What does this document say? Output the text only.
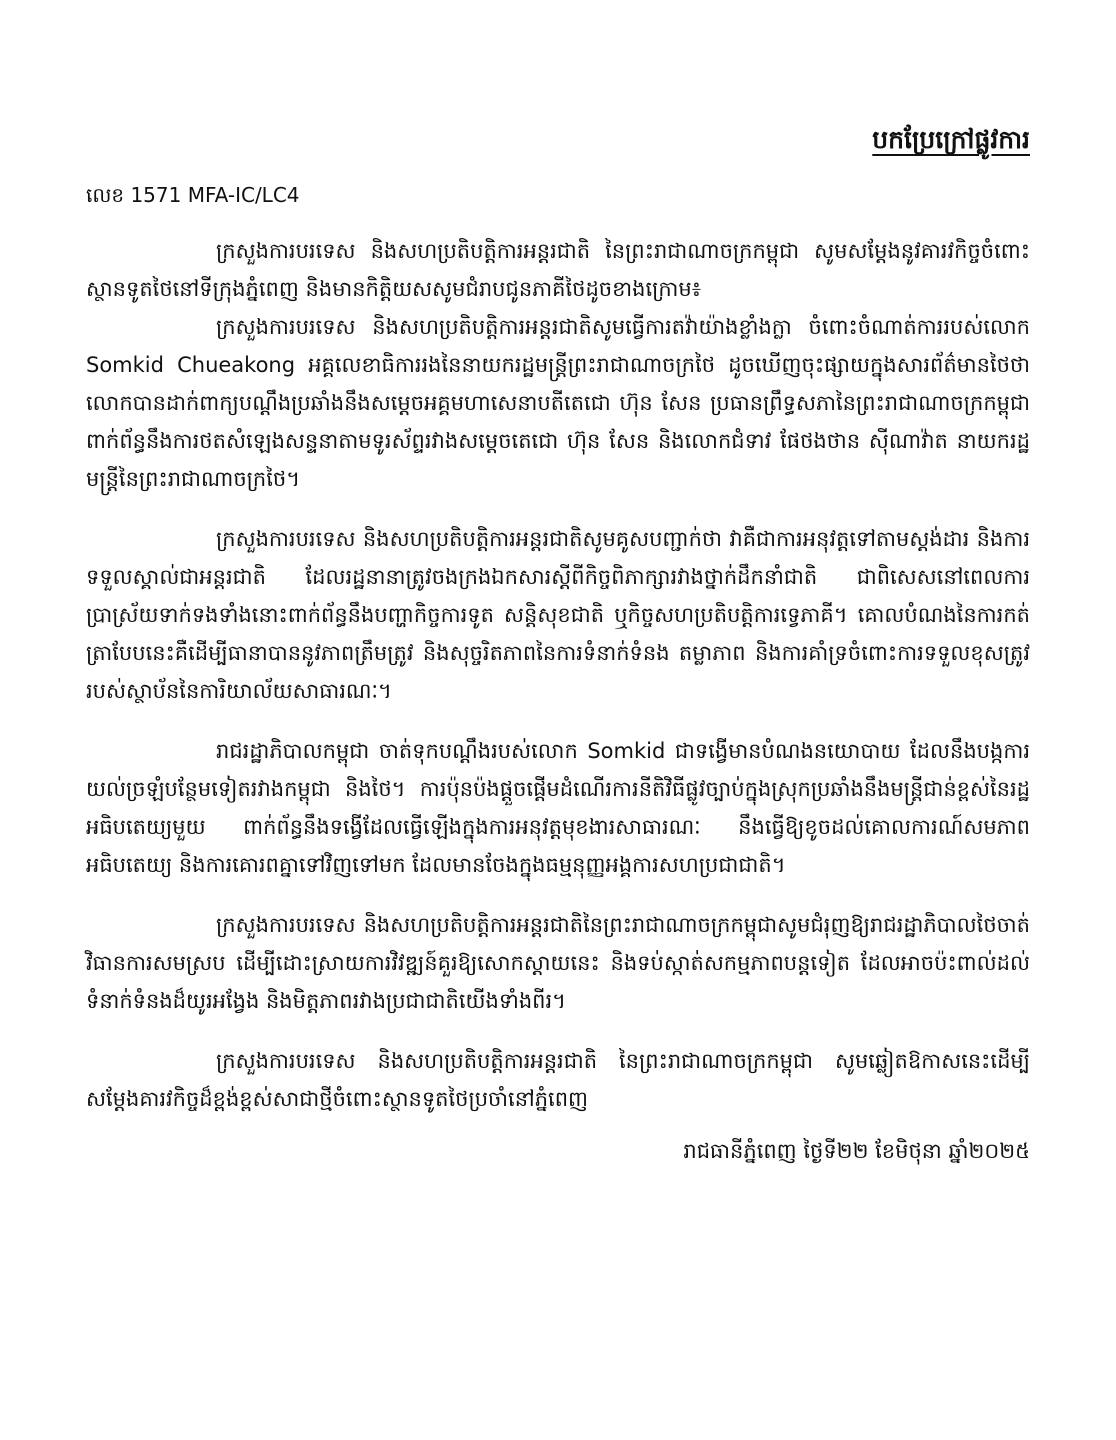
បកប្រែក្រៅផ្លូវការ
លេខ 1571 MFA-IC/LC4

ក្រសួងការបរទេស និងសហប្រតិបត្តិការអន្តរជាតិ នៃព្រះរាជាណាចក្រកម្ពុជា សូមសម្តែងនូវគារវកិច្ចចំពោះស្ថានទូតថៃនៅទីក្រុងភ្នំពេញ និងមានកិត្តិយសសូមជំរាបជូនភាគីថៃដូចខាងក្រោម៖

ក្រសួងការបរទេស និងសហប្រតិបត្តិការអន្តរជាតិសូមធ្វើការតវ៉ាយ៉ាងខ្លាំងក្លា ចំពោះចំណាត់ការរបស់លោក Somkid Chueakong អគ្គលេខាធិការរងនៃនាយករដ្ឋមន្ត្រីព្រះរាជាណាចក្រថៃ ដូចឃើញចុះផ្សាយក្នុងសារព័ត៌មានថៃថា លោកបានដាក់ពាក្យបណ្តឹងប្រឆាំងនឹងសម្តេចអគ្គមហាសេនាបតីតេជោ ហ៊ុន សែន ប្រធានព្រឹទ្ធសភានៃព្រះរាជាណាចក្រកម្ពុជា ពាក់ព័ន្ធនឹងការថតសំឡេងសន្ទនាតាមទូរស័ព្ទរវាងសម្តេចតេជោ ហ៊ុន សែន និងលោកជំទាវ ផែថងថាន ស៊ីណាវ៉ាត នាយករដ្ឋមន្ត្រីនៃព្រះរាជាណាចក្រថៃ។

ក្រសួងការបរទេស និងសហប្រតិបត្តិការអន្តរជាតិសូមគូសបញ្ជាក់ថា វាគឺជាការអនុវត្តទៅតាមស្តង់ដារ និងការទទួលស្គាល់ជាអន្តរជាតិ ដែលរដ្ឋនានាត្រូវចងក្រងឯកសារស្តីពីកិច្ចពិភាក្សារវាងថ្នាក់ដឹកនាំជាតិ ជាពិសេសនៅពេលការប្រាស្រ័យទាក់ទងទាំងនោះពាក់ព័ន្ធនឹងបញ្ហាកិច្ចការទូត សន្តិសុខជាតិ ឬកិច្ចសហប្រតិបត្តិការទ្វេភាគី។ គោលបំណងនៃការកត់ត្រាបែបនេះគឺដើម្បីធានាបាននូវភាពត្រឹមត្រូវ និងសុច្ចរិតភាពនៃការទំនាក់ទំនង តម្លាភាព និងការគាំទ្រចំពោះការទទួលខុសត្រូវរបស់ស្ថាប័ននៃការិយាល័យសាធារណៈ។

រាជរដ្ឋាភិបាលកម្ពុជា ចាត់ទុកបណ្តឹងរបស់លោក Somkid ជាទង្វើមានបំណងនយោបាយ ដែលនឹងបង្កការយល់ច្រឡំបន្ថែមទៀតរវាងកម្ពុជា និងថៃ។ ការប៉ុនប៉ងផ្តួចផ្តើមដំណើរការនីតិវិធីផ្លូវច្បាប់ក្នុងស្រុកប្រឆាំងនឹងមន្ត្រីជាន់ខ្ពស់នៃរដ្ឋអធិបតេយ្យមួយ ពាក់ព័ន្ធនឹងទង្វើដែលធ្វើឡើងក្នុងការអនុវត្តមុខងារសាធារណៈ នឹងធ្វើឱ្យខូចដល់គោលការណ៍សមភាពអធិបតេយ្យ និងការគោរពគ្នាទៅវិញទៅមក ដែលមានចែងក្នុងធម្មនុញ្ញអង្គការសហប្រជាជាតិ។

ក្រសួងការបរទេស និងសហប្រតិបត្តិការអន្តរជាតិនៃព្រះរាជាណាចក្រកម្ពុជាសូមជំរុញឱ្យរាជរដ្ឋាភិបាលថៃចាត់វិធានការសមស្រប ដើម្បីដោះស្រាយការវិវឌ្ឍន៍គួរឱ្យសោកស្តាយនេះ និងទប់ស្កាត់សកម្មភាពបន្តទៀត ដែលអាចប៉ះពាល់ដល់ទំនាក់ទំនងដ៏យូរអង្វែង និងមិត្តភាពរវាងប្រជាជាតិយើងទាំងពីរ។

ក្រសួងការបរទេស និងសហប្រតិបត្តិការអន្តរជាតិ នៃព្រះរាជាណាចក្រកម្ពុជា សូមឆ្លៀតឱកាសនេះដើម្បីសម្តែងគារវកិច្ចដ៏ខ្ពង់ខ្ពស់សាជាថ្មីចំពោះស្ថានទូតថៃប្រចាំនៅភ្នំពេញ

រាជធានីភ្នំពេញ ថ្ងៃទី២២ ខែមិថុនា ឆ្នាំ២០២៥
